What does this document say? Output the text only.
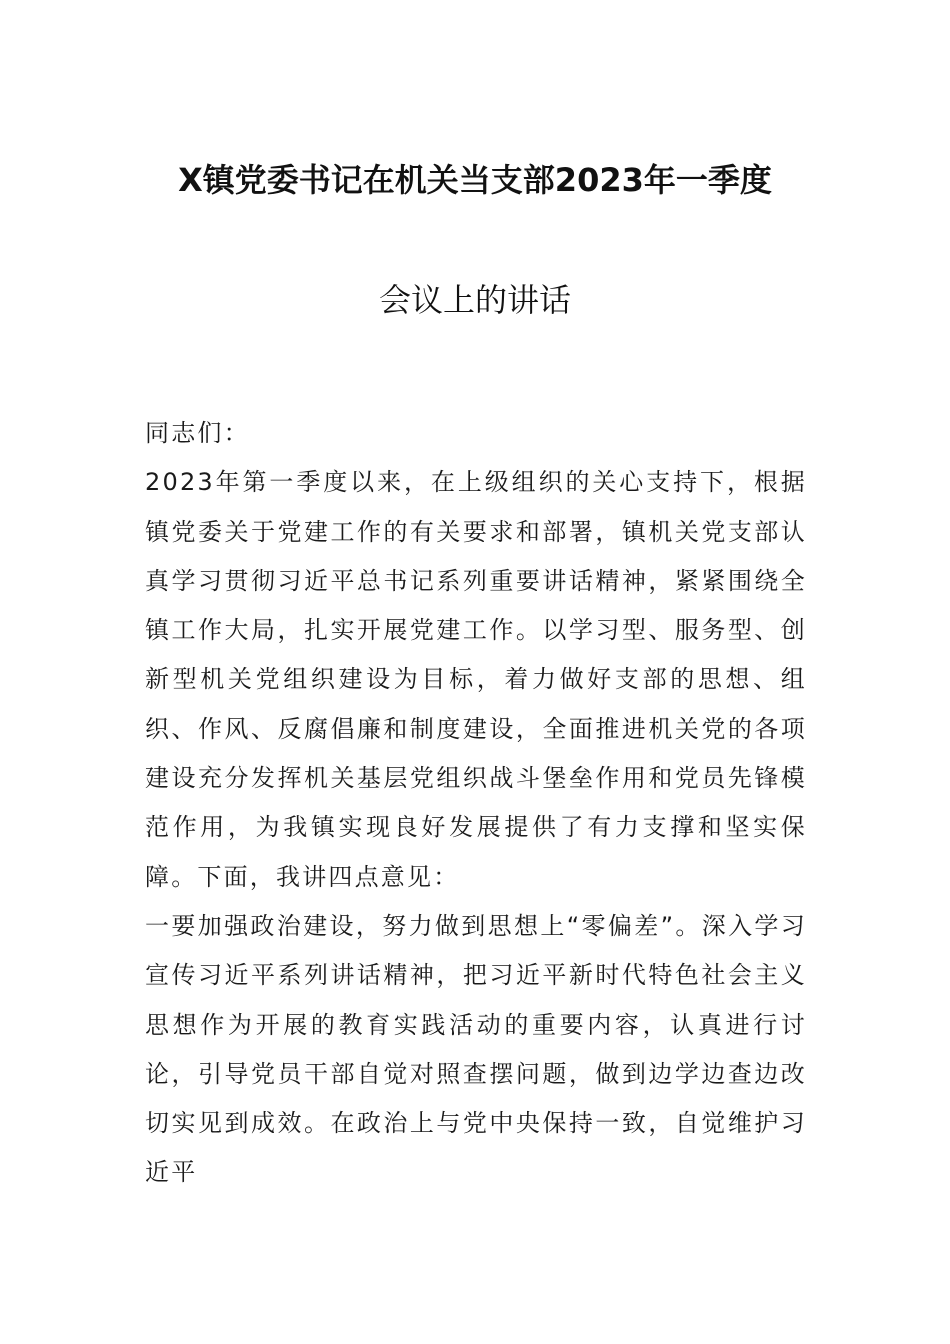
X镇党委书记在机关当支部2023年一季度
会议上的讲话

同志们：

2023年第一季度以来，在上级组织的关心支持下，根据镇党委关于党建工作的有关要求和部署，镇机关党支部认真学习贯彻习近平总书记系列重要讲话精神，紧紧围绕全镇工作大局，扎实开展党建工作。以学习型、服务型、创新型机关党组织建设为目标，着力做好支部的思想、组织、作风、反腐倡廉和制度建设，全面推进机关党的各项建设充分发挥机关基层党组织战斗堡垒作用和党员先锋模范作用，为我镇实现良好发展提供了有力支撑和坚实保障。下面，我讲四点意见：

一要加强政治建设，努力做到思想上“零偏差”。深入学习宣传习近平系列讲话精神，把习近平新时代特色社会主义思想作为开展的教育实践活动的重要内容，认真进行讨论，引导党员干部自觉对照查摆问题，做到边学边查边改切实见到成效。在政治上与党中央保持一致，自觉维护习近平
